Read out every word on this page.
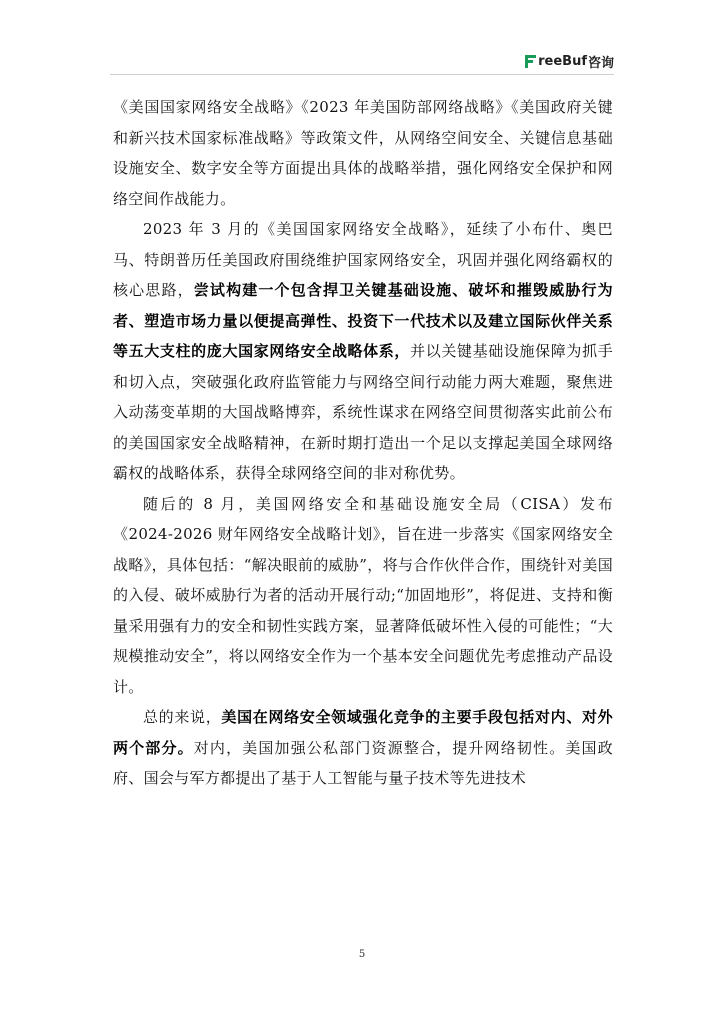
reeBuf 咨询

《美国国家网络安全战略》《2023 年美国防部网络战略》《美国政府关键和新兴技术国家标准战略》等政策文件，从网络空间安全、关键信息基础设施安全、数字安全等方面提出具体的战略举措，强化网络安全保护和网络空间作战能力。

2023 年 3 月的《美国国家网络安全战略》，延续了小布什、奥巴马、特朗普历任美国政府围绕维护国家网络安全，巩固并强化网络霸权的核心思路，尝试构建一个包含捍卫关键基础设施、破坏和摧毁威胁行为者、塑造市场力量以便提高弹性、投资下一代技术以及建立国际伙伴关系等五大支柱的庞大国家网络安全战略体系，并以关键基础设施保障为抓手和切入点，突破强化政府监管能力与网络空间行动能力两大难题，聚焦进入动荡变革期的大国战略博弈，系统性谋求在网络空间贯彻落实此前公布的美国国家安全战略精神，在新时期打造出一个足以支撑起美国全球网络霸权的战略体系，获得全球网络空间的非对称优势。

随后的 8 月，美国网络安全和基础设施安全局（CISA）发布《2024-2026 财年网络安全战略计划》，旨在进一步落实《国家网络安全战略》，具体包括：“解决眼前的威胁”，将与合作伙伴合作，围绕针对美国的入侵、破坏威胁行为者的活动开展行动;“加固地形”，将促进、支持和衡量采用强有力的安全和韧性实践方案，显著降低破坏性入侵的可能性；“大规模推动安全”，将以网络安全作为一个基本安全问题优先考虑推动产品设计。

总的来说，美国在网络安全领域强化竞争的主要手段包括对内、对外两个部分。对内，美国加强公私部门资源整合，提升网络韧性。美国政府、国会与军方都提出了基于人工智能与量子技术等先进技术

5
